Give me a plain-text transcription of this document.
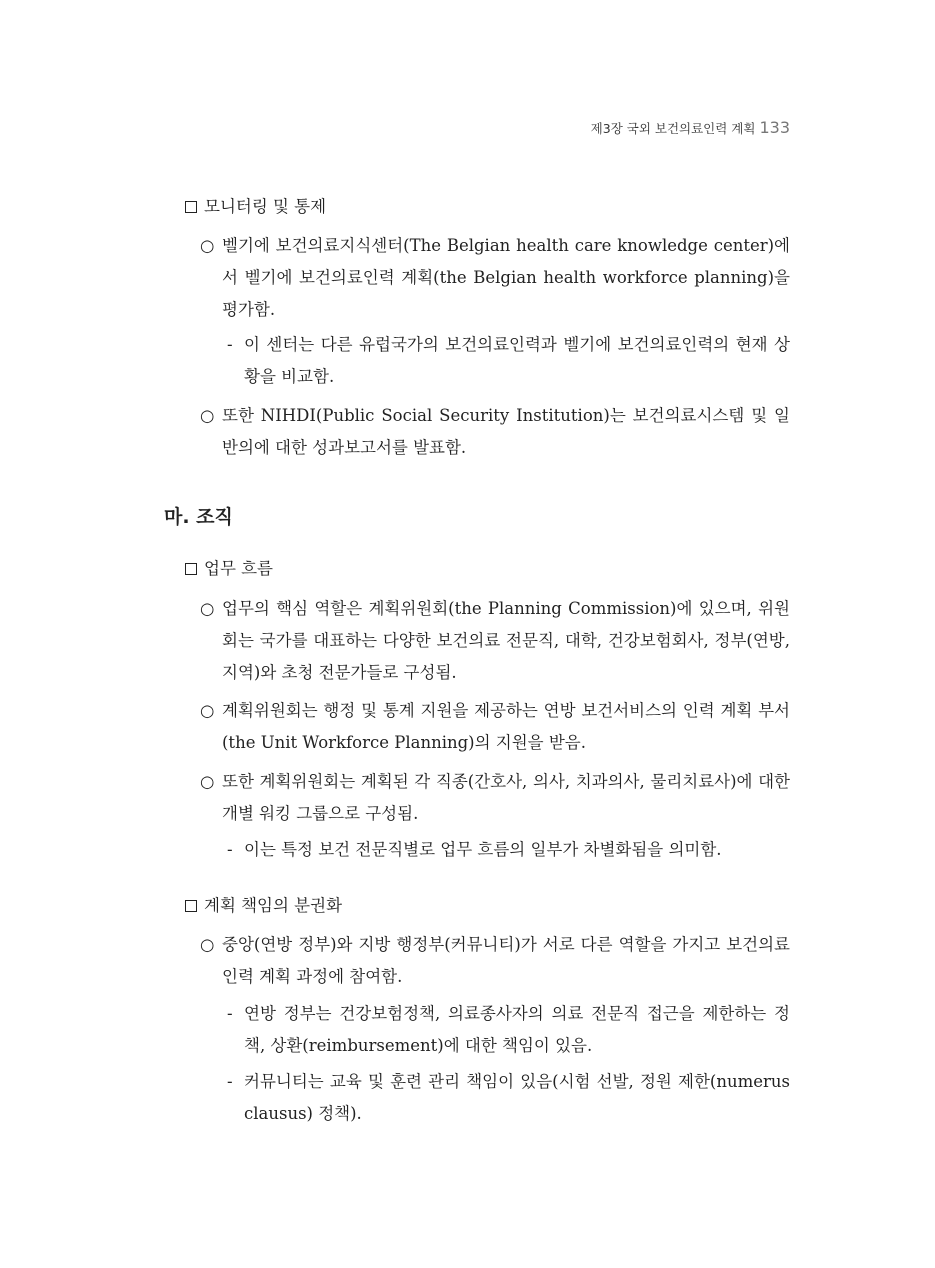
제3장 국외 보건의료인력 계획 133
모니터링 및 통제
○ 벨기에 보건의료지식센터(The Belgian health care knowledge center)에서 벨기에 보건의료인력 계획(the Belgian health workforce planning)을 평가함.
- 이 센터는 다른 유럽국가의 보건의료인력과 벨기에 보건의료인력의 현재 상황을 비교함.
○ 또한 NIHDI(Public Social Security Institution)는 보건의료시스템 및 일반의에 대한 성과보고서를 발표함.
마. 조직
업무 흐름
○ 업무의 핵심 역할은 계획위원회(the Planning Commission)에 있으며, 위원회는 국가를 대표하는 다양한 보건의료 전문직, 대학, 건강보험회사, 정부(연방, 지역)와 초청 전문가들로 구성됨.
○ 계획위원회는 행정 및 통계 지원을 제공하는 연방 보건서비스의 인력 계획 부서(the Unit Workforce Planning)의 지원을 받음.
○ 또한 계획위원회는 계획된 각 직종(간호사, 의사, 치과의사, 물리치료사)에 대한 개별 워킹 그룹으로 구성됨.
- 이는 특정 보건 전문직별로 업무 흐름의 일부가 차별화됨을 의미함.
계획 책임의 분권화
○ 중앙(연방 정부)와 지방 행정부(커뮤니티)가 서로 다른 역할을 가지고 보건의료인력 계획 과정에 참여함.
- 연방 정부는 건강보험정책, 의료종사자의 의료 전문직 접근을 제한하는 정책, 상환(reimbursement)에 대한 책임이 있음.
- 커뮤니티는 교육 및 훈련 관리 책임이 있음(시험 선발, 정원 제한(numerus clausus) 정책).
